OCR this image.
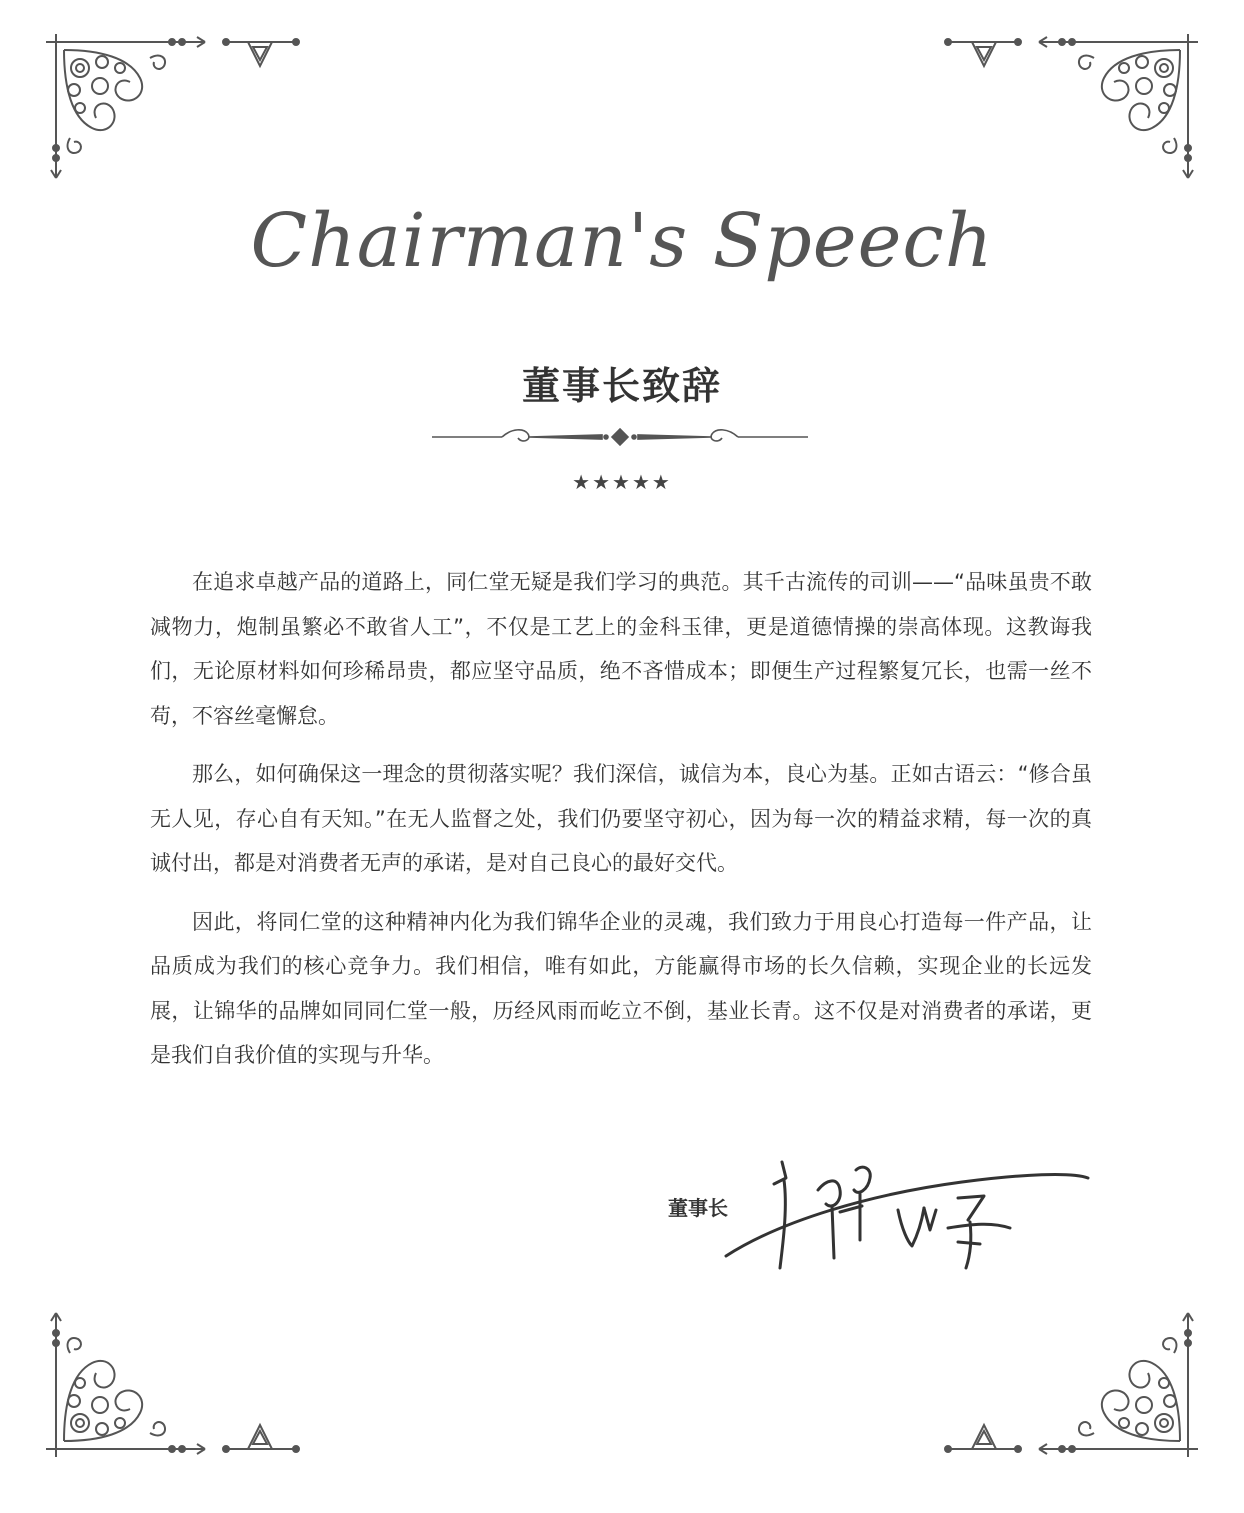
Chairman's Speech
董事长致辞
★★★★★

在追求卓越产品的道路上，同仁堂无疑是我们学习的典范。其千古流传的司训——“品味虽贵不敢减物力，炮制虽繁必不敢省人工”，不仅是工艺上的金科玉律，更是道德情操的崇高体现。这教诲我们，无论原材料如何珍稀昂贵，都应坚守品质，绝不吝惜成本；即便生产过程繁复冗长，也需一丝不苟，不容丝毫懈怠。

那么，如何确保这一理念的贯彻落实呢？我们深信，诚信为本，良心为基。正如古语云：“修合虽无人见，存心自有天知。”在无人监督之处，我们仍要坚守初心，因为每一次的精益求精，每一次的真诚付出，都是对消费者无声的承诺，是对自己良心的最好交代。

因此，将同仁堂的这种精神内化为我们锦华企业的灵魂，我们致力于用良心打造每一件产品，让品质成为我们的核心竞争力。我们相信，唯有如此，方能赢得市场的长久信赖，实现企业的长远发展，让锦华的品牌如同同仁堂一般，历经风雨而屹立不倒，基业长青。这不仅是对消费者的承诺，更是我们自我价值的实现与升华。

董事长
